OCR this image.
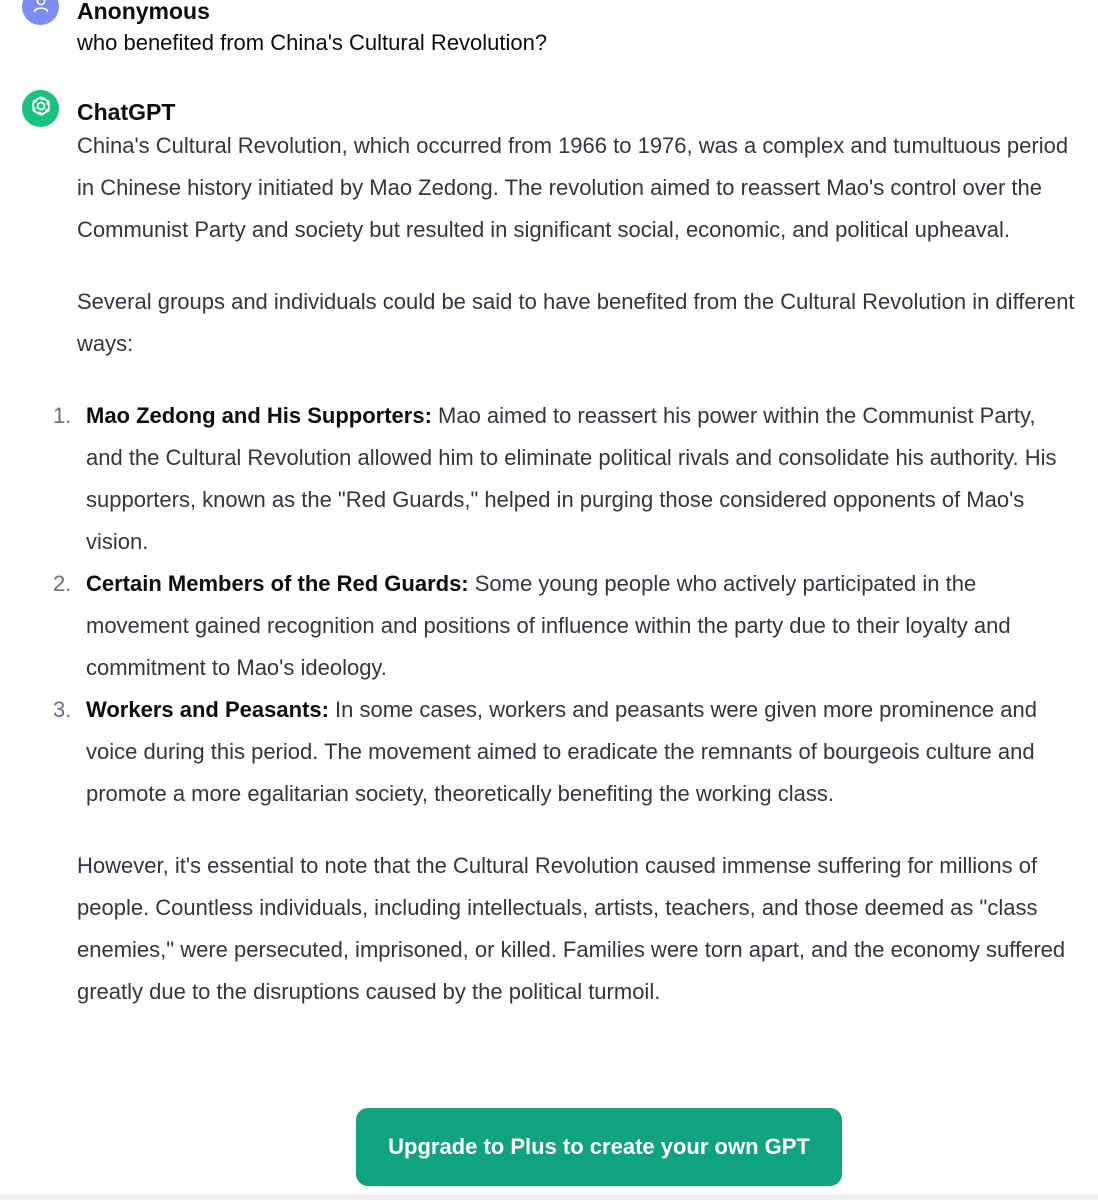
Anonymous
who benefited from China's Cultural Revolution?
ChatGPT

China's Cultural Revolution, which occurred from 1966 to 1976, was a complex and tumultuous period in Chinese history initiated by Mao Zedong. The revolution aimed to reassert Mao's control over the Communist Party and society but resulted in significant social, economic, and political upheaval.

Several groups and individuals could be said to have benefited from the Cultural Revolution in different ways:

1. Mao Zedong and His Supporters: Mao aimed to reassert his power within the Communist Party, and the Cultural Revolution allowed him to eliminate political rivals and consolidate his authority. His supporters, known as the "Red Guards," helped in purging those considered opponents of Mao's vision.
2. Certain Members of the Red Guards: Some young people who actively participated in the movement gained recognition and positions of influence within the party due to their loyalty and commitment to Mao's ideology.
3. Workers and Peasants: In some cases, workers and peasants were given more prominence and voice during this period. The movement aimed to eradicate the remnants of bourgeois culture and promote a more egalitarian society, theoretically benefiting the working class.

However, it's essential to note that the Cultural Revolution caused immense suffering for millions of people. Countless individuals, including intellectuals, artists, teachers, and those deemed as "class enemies," were persecuted, imprisoned, or killed. Families were torn apart, and the economy suffered greatly due to the disruptions caused by the political turmoil.

Upgrade to Plus to create your own GPT
